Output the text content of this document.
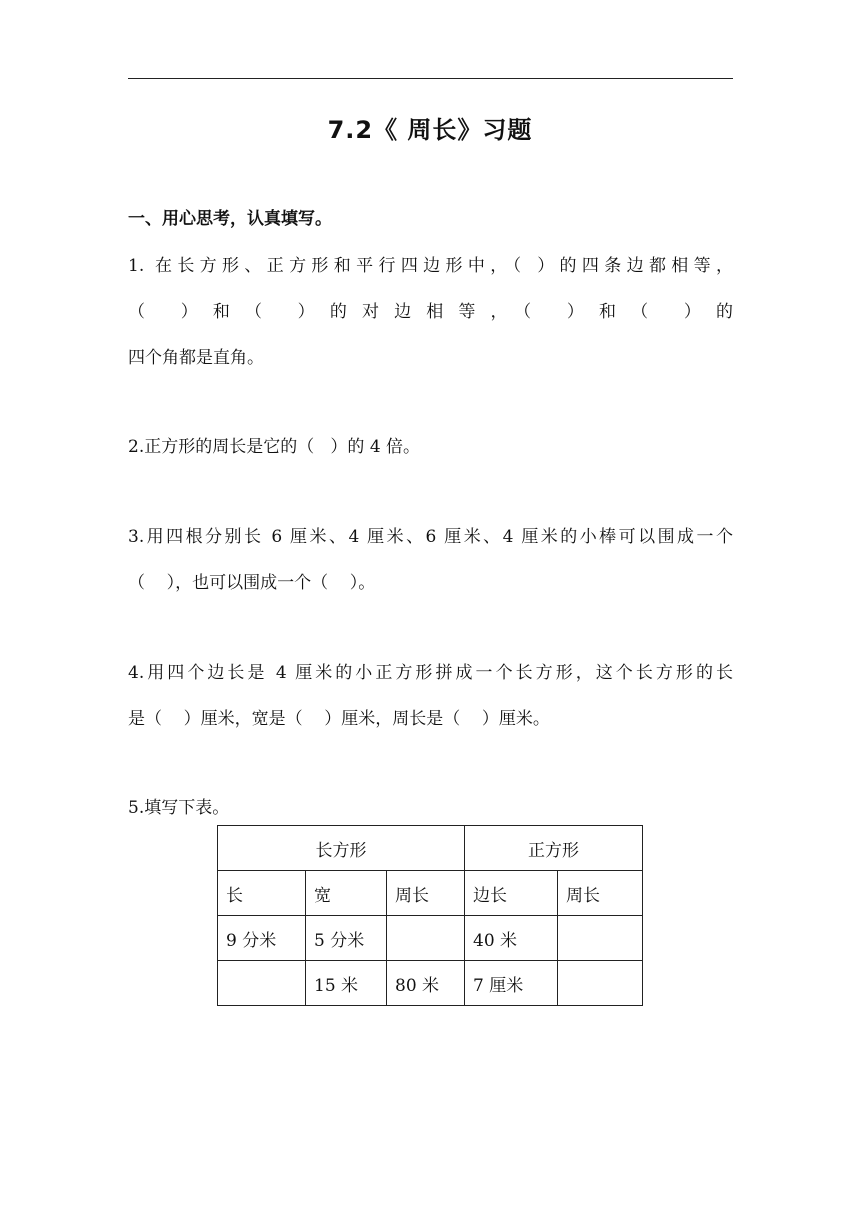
7.2《 周长》习题
一、用心思考，认真填写。
1. 在长方形、正方形和平行四边形中，（ ）的四条边都相等，
（ ）和（ ）的对边相等，（ ）和（ ）的
四个角都是直角。
2.正方形的周长是它的（   ）的 4 倍。
3.用四根分别长 6 厘米、4 厘米、6 厘米、4 厘米的小棒可以围成一个
（    ），也可以围成一个（    ）。
4.用四个边长是 4 厘米的小正方形拼成一个长方形，这个长方形的长
是（    ）厘米，宽是（    ）厘米，周长是（    ）厘米。
5.填写下表。
长方形			正方形	
长	宽	周长	边长	周长
9 分米	5 分米		40 米	
	15 米	80 米	7 厘米	
